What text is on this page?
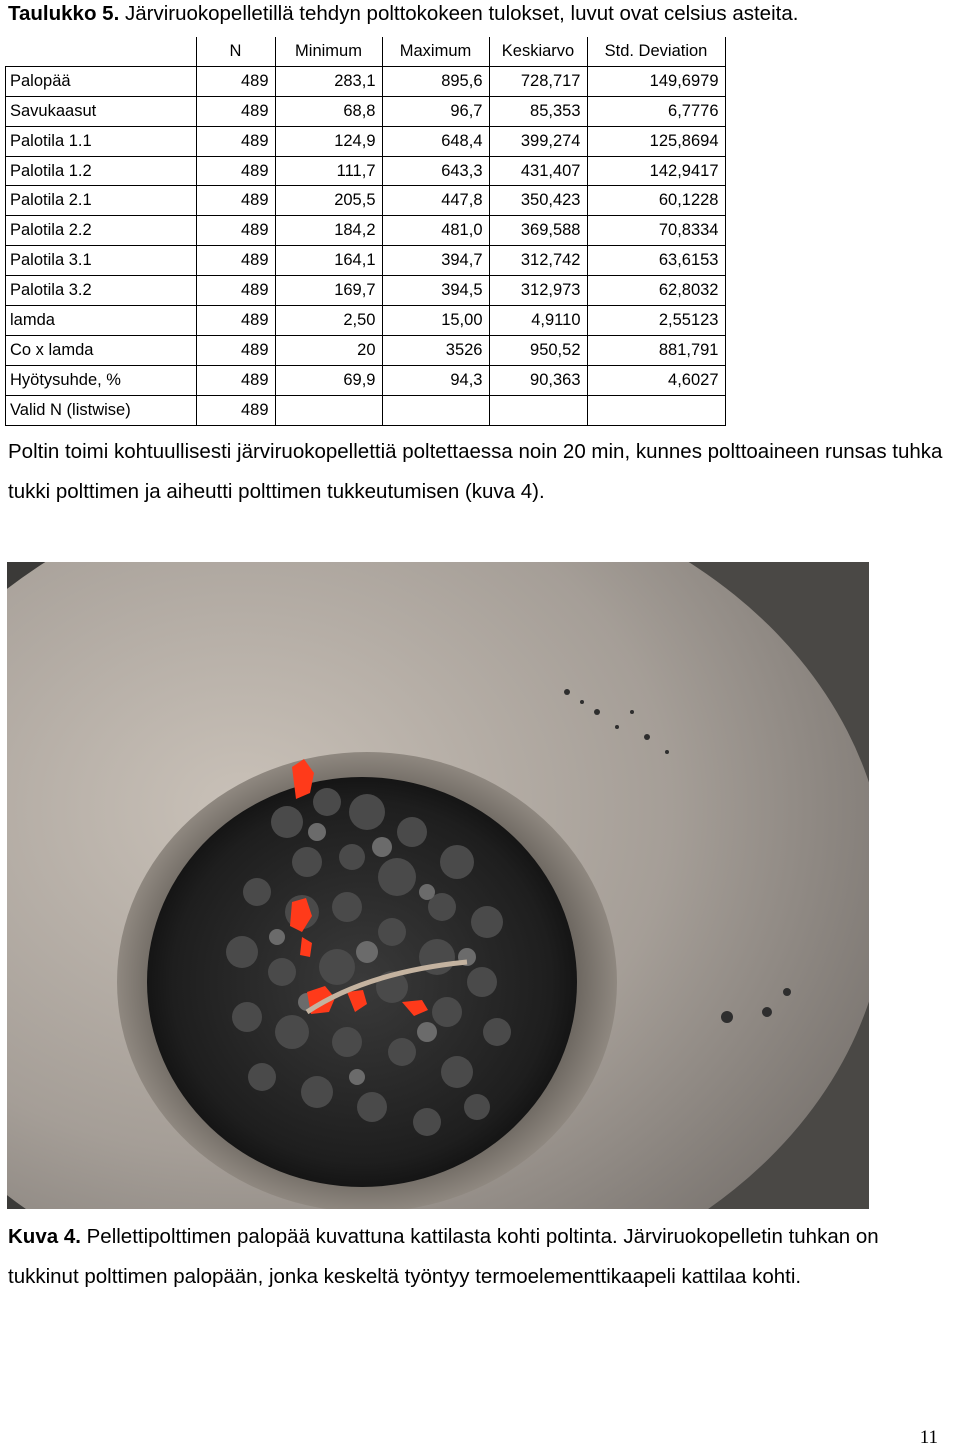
Taulukko 5. Järviruokopelletillä tehdyn polttokokeen tulokset, luvut ovat celsius asteita.
	N	Minimum	Maximum	Keskiarvo	Std. Deviation
Palopää	489	283,1	895,6	728,717	149,6979
Savukaasut	489	68,8	96,7	85,353	6,7776
Palotila 1.1	489	124,9	648,4	399,274	125,8694
Palotila 1.2	489	111,7	643,3	431,407	142,9417
Palotila 2.1	489	205,5	447,8	350,423	60,1228
Palotila 2.2	489	184,2	481,0	369,588	70,8334
Palotila 3.1	489	164,1	394,7	312,742	63,6153
Palotila 3.2	489	169,7	394,5	312,973	62,8032
lamda	489	2,50	15,00	4,9110	2,55123
Co x lamda	489	20	3526	950,52	881,791
Hyötysuhde, %	489	69,9	94,3	90,363	4,6027
Valid N (listwise)	489				
Poltin toimi kohtuullisesti järviruokopellettiä poltettaessa noin 20 min, kunnes polttoaineen runsas tuhka tukki polttimen ja aiheutti polttimen tukkeutumisen (kuva 4).
Kuva 4. Pellettipolttimen palopää kuvattuna kattilasta kohti poltinta. Järviruokopelletin tuhkan on tukkinut polttimen palopään, jonka keskeltä työntyy termoelementtikaapeli kattilaa kohti.
11
